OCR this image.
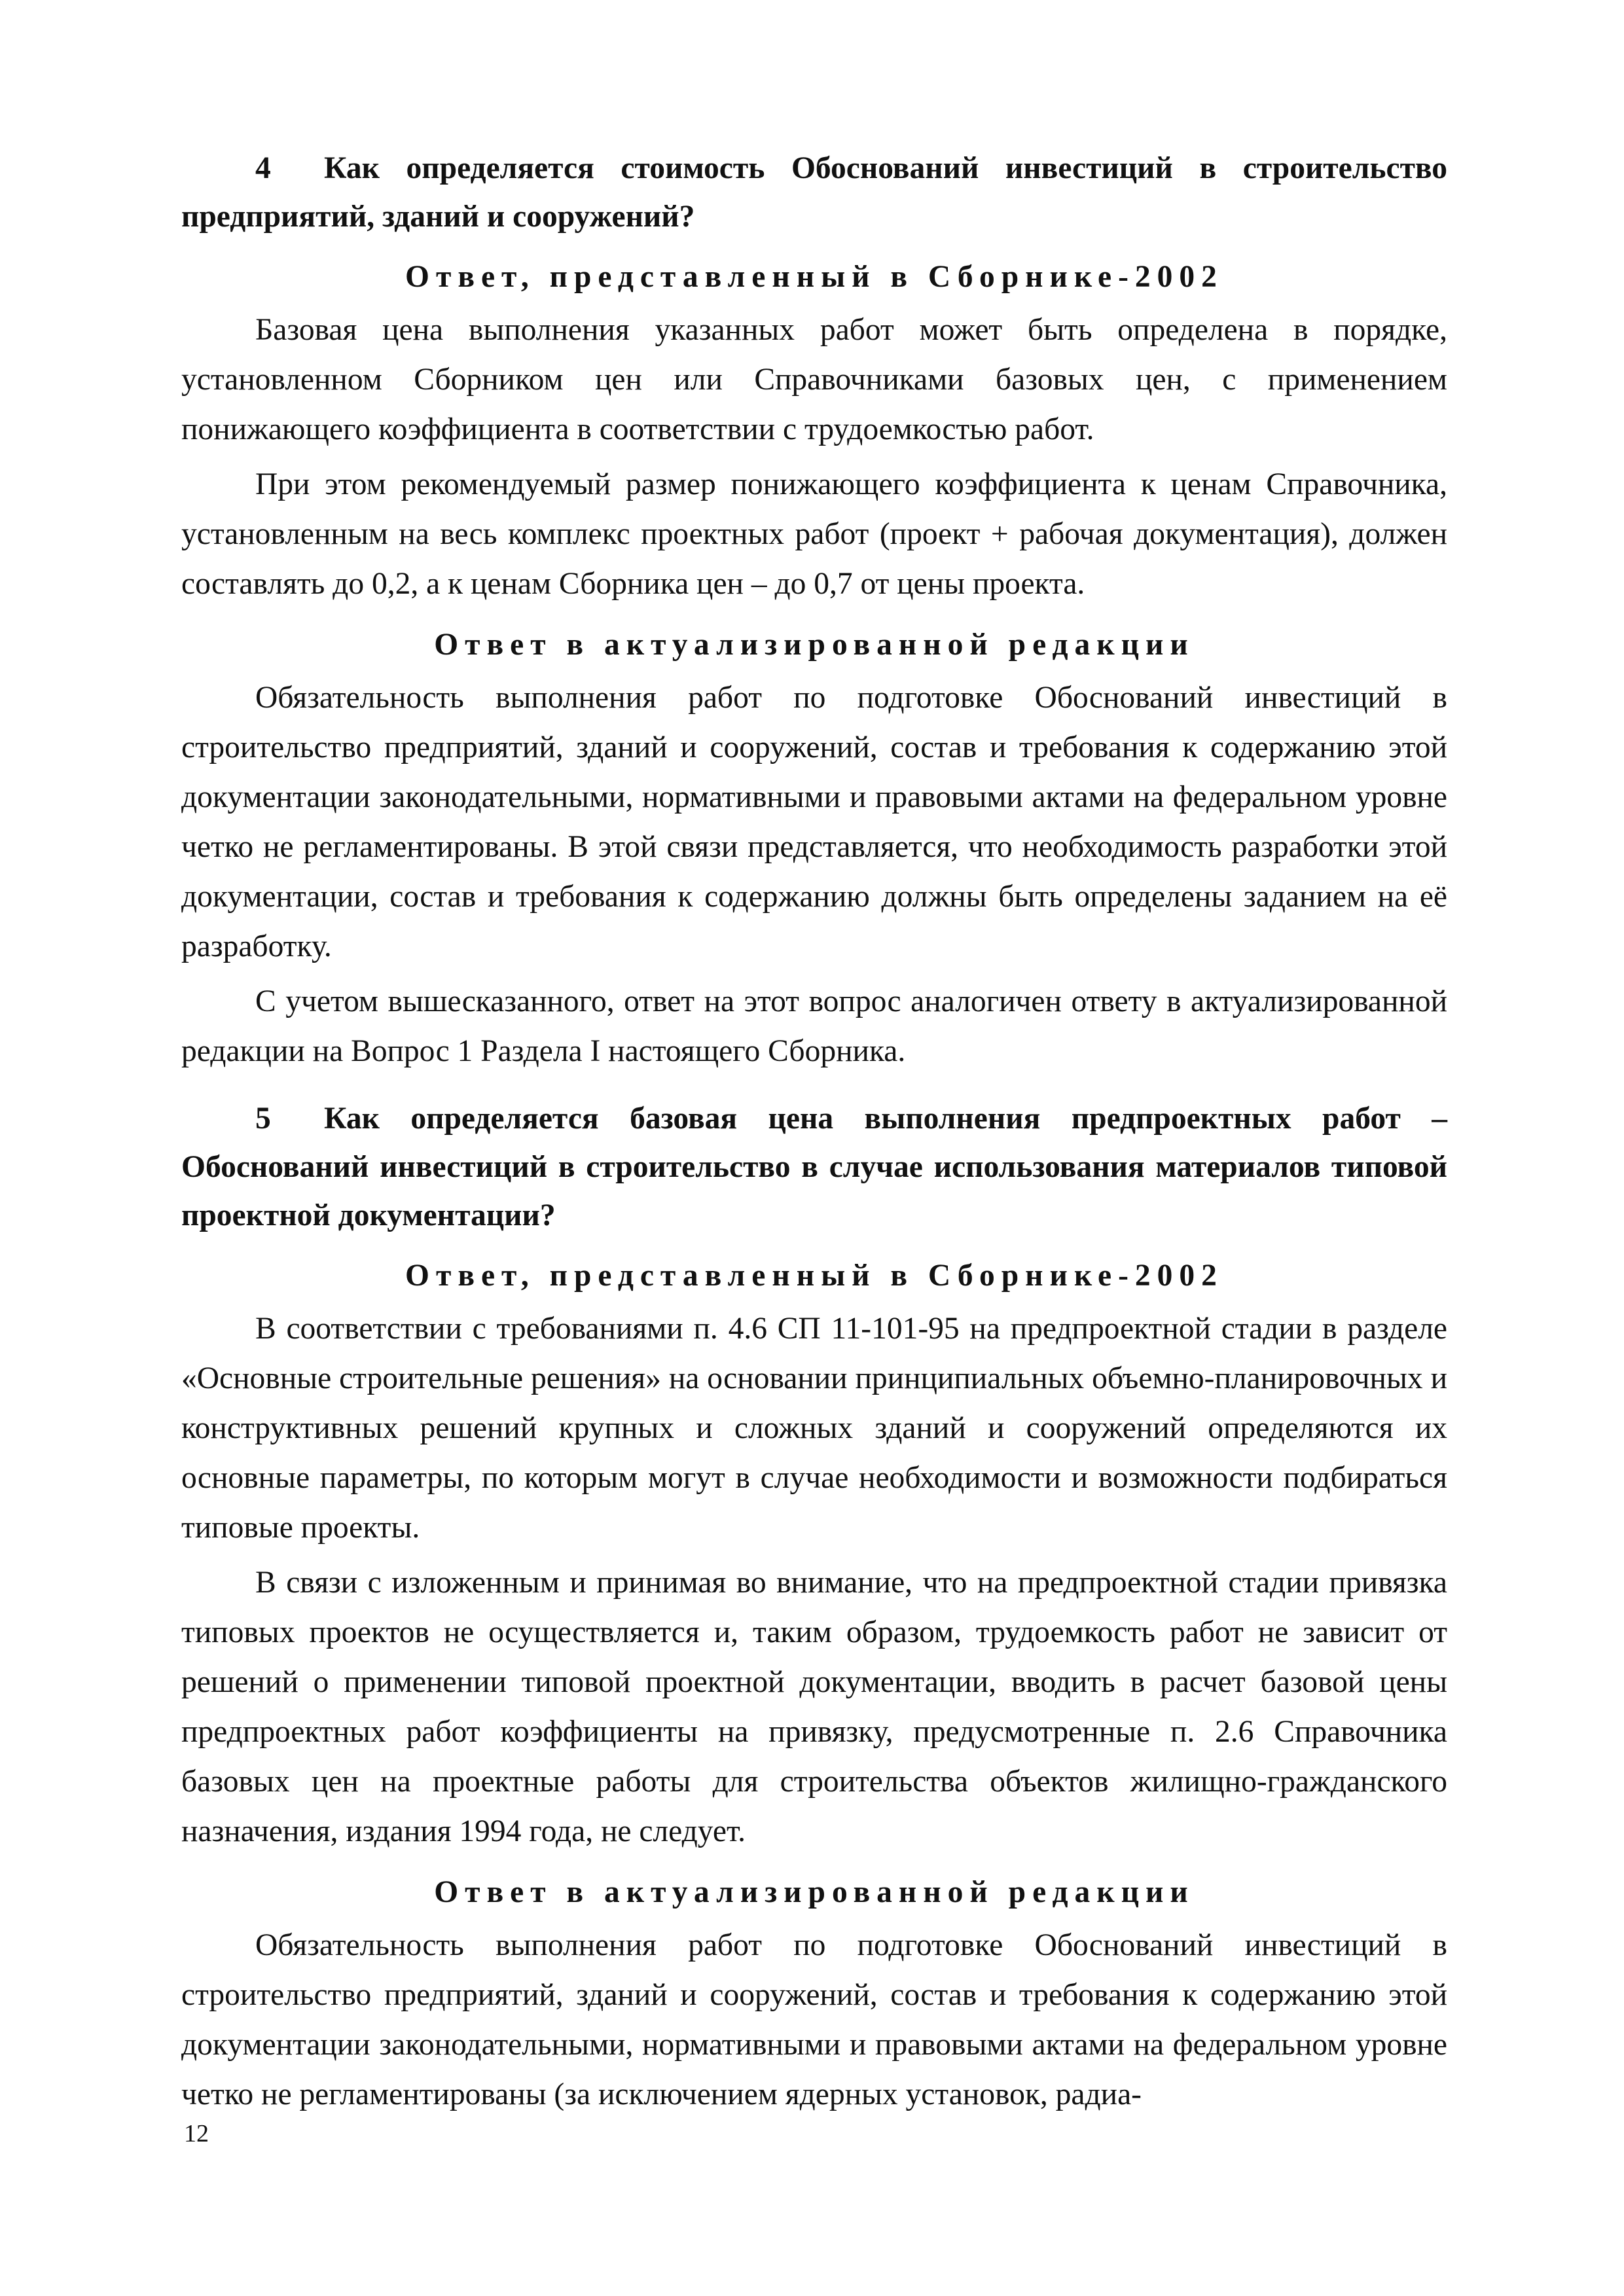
4 Как определяется стоимость Обоснований инвестиций в строительство предприятий, зданий и сооружений?
Ответ, представленный в Сборнике-2002

Базовая цена выполнения указанных работ может быть определена в порядке, установленном Сборником цен или Справочниками базовых цен, с применением понижающего коэффициента в соответствии с трудоемкостью работ.

При этом рекомендуемый размер понижающего коэффициента к ценам Справочника, установленным на весь комплекс проектных работ (проект + рабочая документация), должен составлять до 0,2, а к ценам Сборника цен – до 0,7 от цены проекта.

Ответ в актуализированной редакции

Обязательность выполнения работ по подготовке Обоснований инвестиций в строительство предприятий, зданий и сооружений, состав и требования к содержанию этой документации законодательными, нормативными и правовыми актами на федеральном уровне четко не регламентированы. В этой связи представляется, что необходимость разработки этой документации, состав и требования к содержанию должны быть определены заданием на её разработку.

С учетом вышесказанного, ответ на этот вопрос аналогичен ответу в актуализированной редакции на Вопрос 1 Раздела I настоящего Сборника.

5 Как определяется базовая цена выполнения предпроектных работ – Обоснований инвестиций в строительство в случае использования материалов типовой проектной документации?
Ответ, представленный в Сборнике-2002

В соответствии с требованиями п. 4.6 СП 11-101-95 на предпроектной стадии в разделе «Основные строительные решения» на основании принципиальных объемно-планировочных и конструктивных решений крупных и сложных зданий и сооружений определяются их основные параметры, по которым могут в случае необходимости и возможности подбираться типовые проекты.

В связи с изложенным и принимая во внимание, что на предпроектной стадии привязка типовых проектов не осуществляется и, таким образом, трудоемкость работ не зависит от решений о применении типовой проектной документации, вводить в расчет базовой цены предпроектных работ коэффициенты на привязку, предусмотренные п. 2.6 Справочника базовых цен на проектные работы для строительства объектов жилищно-гражданского назначения, издания 1994 года, не следует.

Ответ в актуализированной редакции

Обязательность выполнения работ по подготовке Обоснований инвестиций в строительство предприятий, зданий и сооружений, состав и требования к содержанию этой документации законодательными, нормативными и правовыми актами на федеральном уровне четко не регламентированы (за исключением ядерных установок, радиа-

12
